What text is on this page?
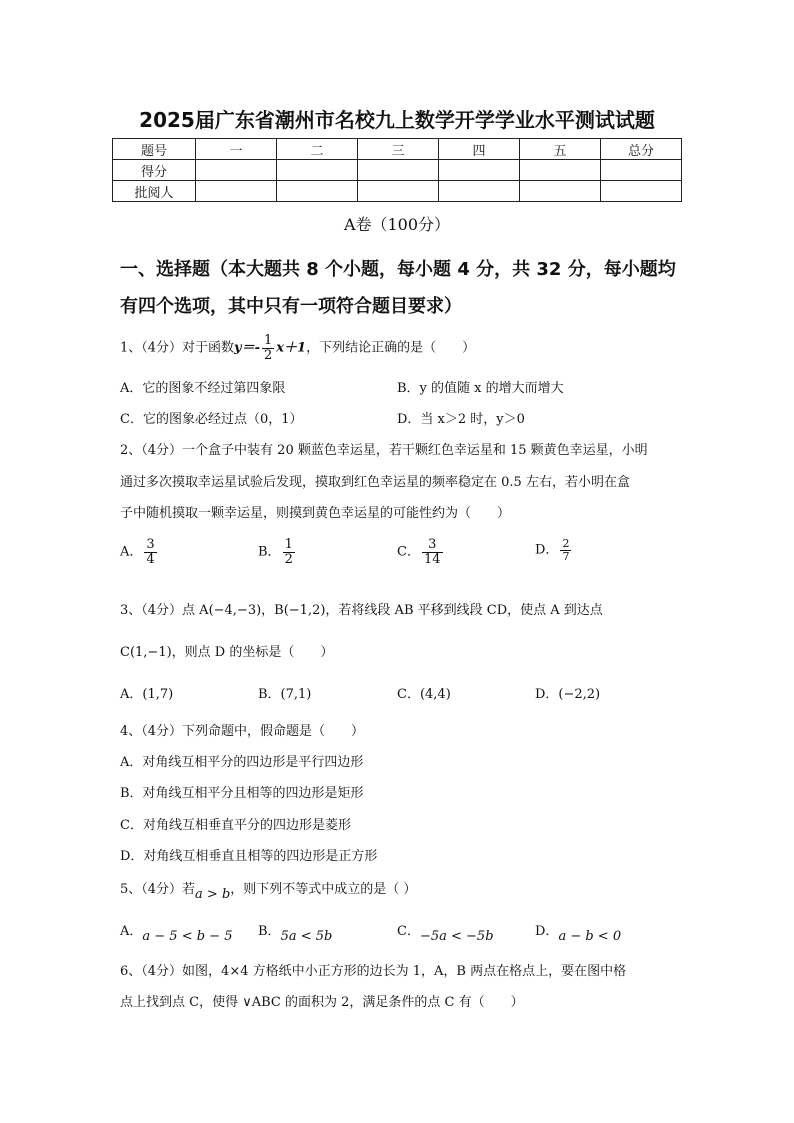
2025届广东省潮州市名校九上数学开学学业水平测试试题
题号	一	二	三	四	五	总分
得分						
批阅人						
A卷（100分）
一、选择题（本大题共 8 个小题，每小题 4 分，共 32 分，每小题均
有四个选项，其中只有一项符合题目要求）
1、（4分）对于函数$y=- \frac{1}{2} x+1$，下列结论正确的是（　　）
A．它的图象不经过第四象限	B．y 的值随 x 的增大而增大
C．它的图象必经过点（0，1）	D．当 x＞2 时，y＞0
2、（4分）一个盒子中装有 20 颗蓝色幸运星，若干颗红色幸运星和 15 颗黄色幸运星，小明
通过多次摸取幸运星试验后发现，摸取到红色幸运星的频率稳定在 0.5 左右，若小明在盒
子中随机摸取一颗幸运星，则摸到黄色幸运星的可能性约为（　　）
A． $\frac{3}{4}$	B． $\frac{1}{2}$	C． $\frac{3}{14}$	D． $\frac{2}{7}$
3、（4分）点 A(−4,−3)，B(−1,2)，若将线段 AB 平移到线段 CD，使点 A 到达点
C(1,−1)，则点 D 的坐标是（　　）
A．(1,7)	B．(7,1)	C．(4,4)	D．(−2,2)
4、（4分）下列命题中，假命题是（　　）
A．对角线互相平分的四边形是平行四边形
B．对角线互相平分且相等的四边形是矩形
C．对角线互相垂直平分的四边形是菱形
D．对角线互相垂直且相等的四边形是正方形
5、（4分）若a > b，则下列不等式中成立的是（ ）
A．a − 5 < b − 5 B．5a < 5b	C．−5a < −5b	D．a − b < 0
6、（4分）如图，4×4 方格纸中小正方形的边长为 1，A，B 两点在格点上，要在图中格
点上找到点 C，使得 ∨ABC 的面积为 2，满足条件的点 C 有（　　）
